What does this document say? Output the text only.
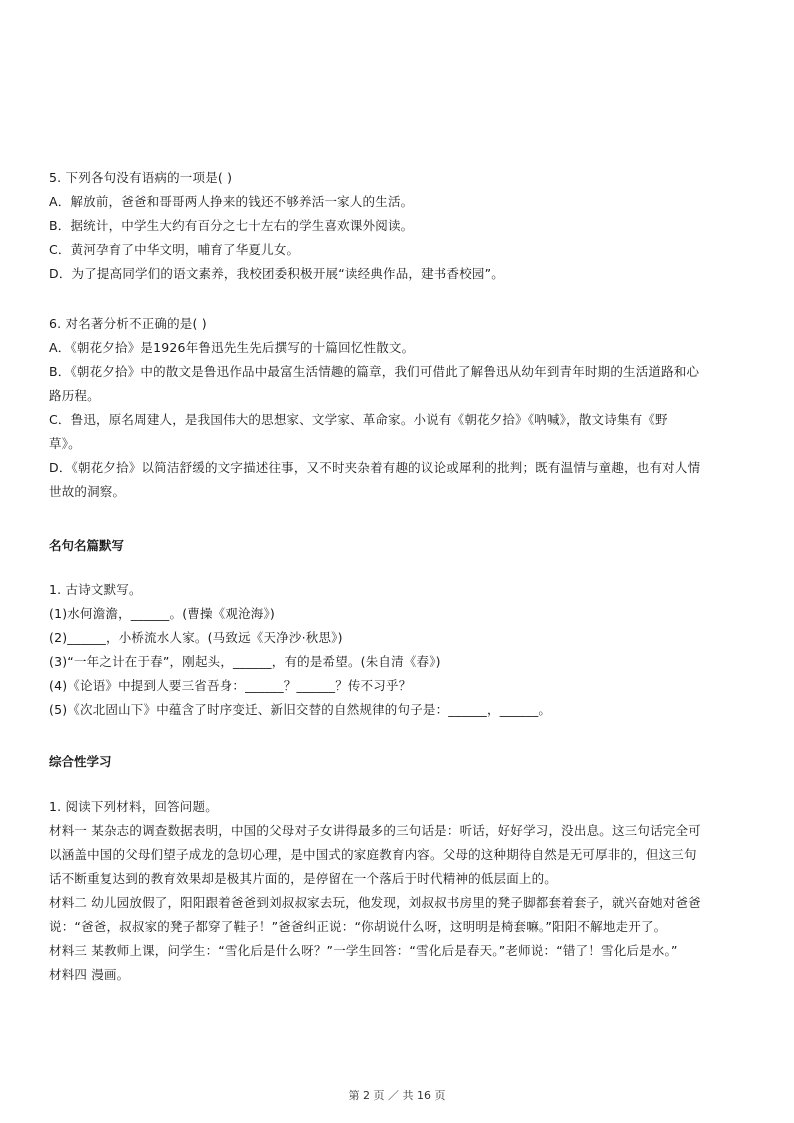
5. 下列各句没有语病的一项是( )
A．解放前，爸爸和哥哥两人挣来的钱还不够养活一家人的生活。
B．据统计，中学生大约有百分之七十左右的学生喜欢课外阅读。
C．黄河孕育了中华文明，哺育了华夏儿女。
D．为了提高同学们的语文素养，我校团委积极开展“读经典作品，建书香校园”。
6. 对名著分析不正确的是( )
A．《朝花夕拾》是1926年鲁迅先生先后撰写的十篇回忆性散文。
B．《朝花夕拾》中的散文是鲁迅作品中最富生活情趣的篇章，我们可借此了解鲁迅从幼年到青年时期的生活道路和心
路历程。
C．鲁迅，原名周建人，是我国伟大的思想家、文学家、革命家。小说有《朝花夕拾》《呐喊》，散文诗集有《野
草》。
D．《朝花夕拾》以简洁舒缓的文字描述往事，又不时夹杂着有趣的议论或犀利的批判；既有温情与童趣，也有对人情
世故的洞察。
名句名篇默写
1. 古诗文默写。
(1)水何澹澹，______。(曹操《观沧海》)
(2)______，小桥流水人家。(马致远《天净沙·秋思》)
(3)“一年之计在于春”，刚起头，______，有的是希望。(朱自清《春》)
(4)《论语》中提到人要三省吾身：______？______？传不习乎？
(5)《次北固山下》中蕴含了时序变迁、新旧交替的自然规律的句子是：______，______。
综合性学习
1. 阅读下列材料，回答问题。
材料一 某杂志的调查数据表明，中国的父母对子女讲得最多的三句话是：听话，好好学习，没出息。这三句话完全可
以涵盖中国的父母们望子成龙的急切心理，是中国式的家庭教育内容。父母的这种期待自然是无可厚非的，但这三句
话不断重复达到的教育效果却是极其片面的，是停留在一个落后于时代精神的低层面上的。
材料二 幼儿园放假了，阳阳跟着爸爸到刘叔叔家去玩，他发现，刘叔叔书房里的凳子脚都套着套子，就兴奋她对爸爸
说：“爸爸，叔叔家的凳子都穿了鞋子！”爸爸纠正说：“你胡说什么呀，这明明是椅套嘛。”阳阳不解地走开了。
材料三 某教师上课，问学生：“雪化后是什么呀？”一学生回答：“雪化后是春天。”老师说：“错了！雪化后是水。”
材料四 漫画。
第 2 页 ／ 共 16 页
